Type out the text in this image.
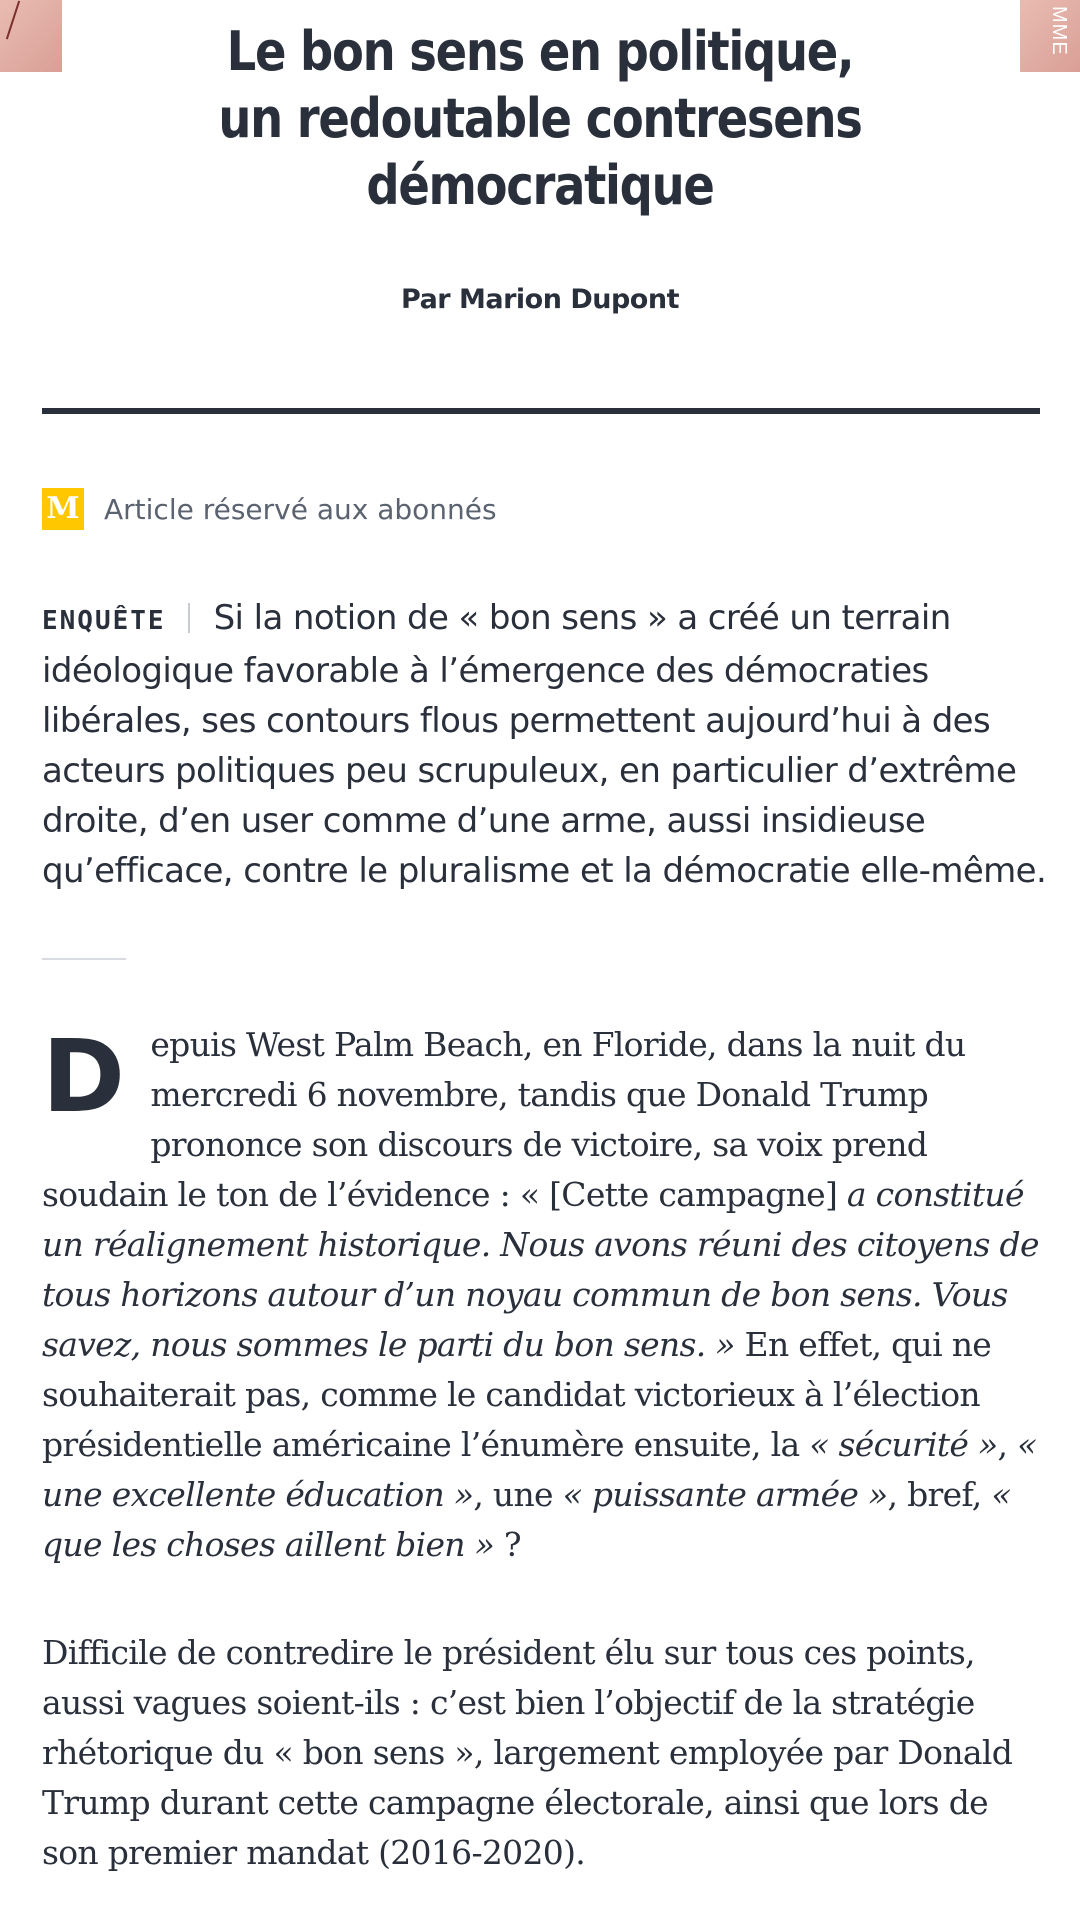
MME
Le bon sens en politique, un redoutable contresens démocratique
Par Marion Dupont
M Article réservé aux abonnés

ENQUÊTE Si la notion de « bon sens » a créé un terrain idéologique favorable à l’émergence des démocraties libérales, ses contours flous permettent aujourd’hui à des acteurs politiques peu scrupuleux, en particulier d’extrême droite, d’en user comme d’une arme, aussi insidieuse qu’efficace, contre le pluralisme et la démocratie elle-même.

Depuis West Palm Beach, en Floride, dans la nuit du mercredi 6 novembre, tandis que Donald Trump prononce son discours de victoire, sa voix prend soudain le ton de l’évidence : « [Cette campagne] a constitué un réalignement historique. Nous avons réuni des citoyens de tous horizons autour d’un noyau commun de bon sens. Vous savez, nous sommes le parti du bon sens. » En effet, qui ne souhaiterait pas, comme le candidat victorieux à l’élection présidentielle américaine l’énumère ensuite, la « sécurité », « une excellente éducation », une « puissante armée », bref, « que les choses aillent bien » ?

Difficile de contredire le président élu sur tous ces points, aussi vagues soient-ils : c’est bien l’objectif de la stratégie rhétorique du « bon sens », largement employée par Donald Trump durant cette campagne électorale, ainsi que lors de son premier mandat (2016-2020).
